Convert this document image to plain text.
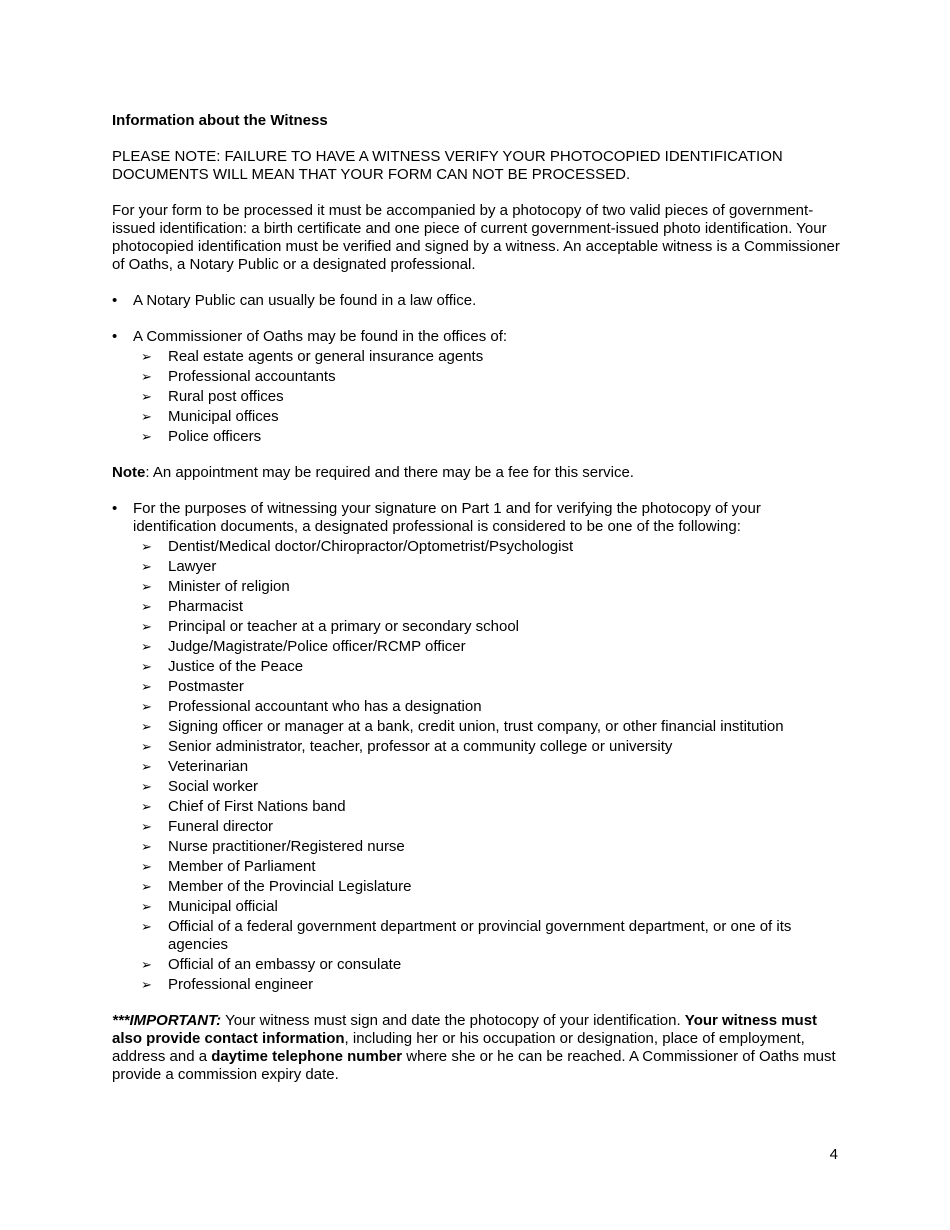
Information about the Witness

PLEASE NOTE: FAILURE TO HAVE A WITNESS VERIFY YOUR PHOTOCOPIED IDENTIFICATION DOCUMENTS WILL MEAN THAT YOUR FORM CAN NOT BE PROCESSED.

For your form to be processed it must be accompanied by a photocopy of two valid pieces of government-issued identification: a birth certificate and one piece of current government-issued photo identification. Your photocopied identification must be verified and signed by a witness. An acceptable witness is a Commissioner of Oaths, a Notary Public or a designated professional.

• A Notary Public can usually be found in a law office.
• A Commissioner of Oaths may be found in the offices of:
➢ Real estate agents or general insurance agents
➢ Professional accountants
➢ Rural post offices
➢ Municipal offices
➢ Police officers

Note: An appointment may be required and there may be a fee for this service.

• For the purposes of witnessing your signature on Part 1 and for verifying the photocopy of your identification documents, a designated professional is considered to be one of the following:
➢ Dentist/Medical doctor/Chiropractor/Optometrist/Psychologist
➢ Lawyer
➢ Minister of religion
➢ Pharmacist
➢ Principal or teacher at a primary or secondary school
➢ Judge/Magistrate/Police officer/RCMP officer
➢ Justice of the Peace
➢ Postmaster
➢ Professional accountant who has a designation
➢ Signing officer or manager at a bank, credit union, trust company, or other financial institution
➢ Senior administrator, teacher, professor at a community college or university
➢ Veterinarian
➢ Social worker
➢ Chief of First Nations band
➢ Funeral director
➢ Nurse practitioner/Registered nurse
➢ Member of Parliament
➢ Member of the Provincial Legislature
➢ Municipal official
➢ Official of a federal government department or provincial government department, or one of its agencies
➢ Official of an embassy or consulate
➢ Professional engineer

***IMPORTANT: Your witness must sign and date the photocopy of your identification. Your witness must also provide contact information, including her or his occupation or designation, place of employment, address and a daytime telephone number where she or he can be reached. A Commissioner of Oaths must provide a commission expiry date.

4
